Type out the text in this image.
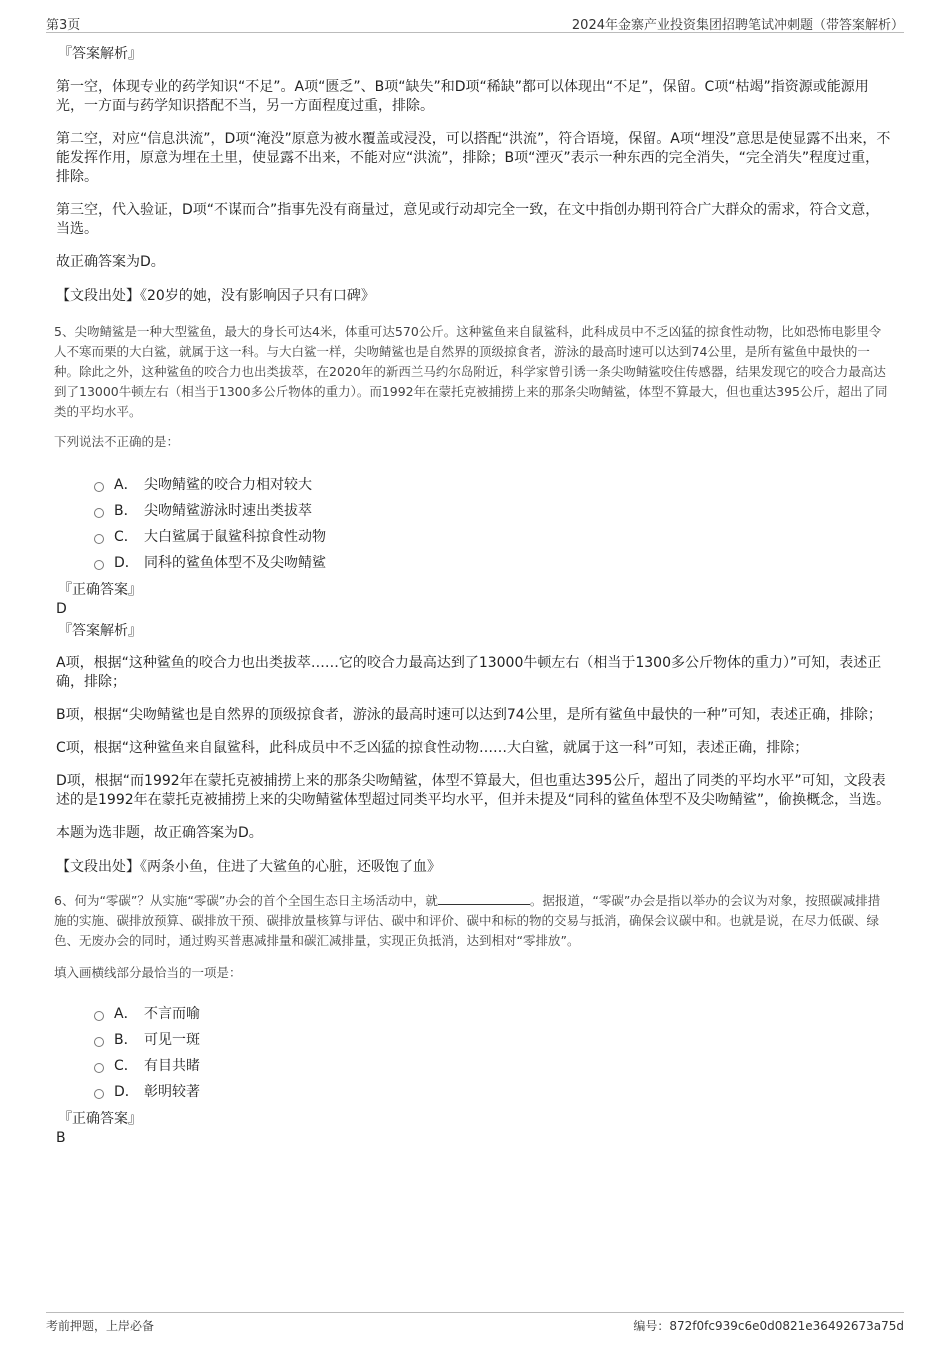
第3页	2024年金寨产业投资集团招聘笔试冲刺题（带答案解析）

『答案解析』

第一空，体现专业的药学知识“不足”。A项“匮乏”、B项“缺失”和D项“稀缺”都可以体现出“不足”，保留。C项“枯竭”指资源或能源用光，一方面与药学知识搭配不当，另一方面程度过重，排除。

第二空，对应“信息洪流”，D项“淹没”原意为被水覆盖或浸没，可以搭配“洪流”，符合语境，保留。A项“埋没”意思是使显露不出来，不能发挥作用，原意为埋在土里，使显露不出来，不能对应“洪流”，排除；B项“湮灭”表示一种东西的完全消失，“完全消失”程度过重，排除。

第三空，代入验证，D项“不谋而合”指事先没有商量过，意见或行动却完全一致，在文中指创办期刊符合广大群众的需求，符合文意，当选。

故正确答案为D。

【文段出处】《20岁的她，没有影响因子只有口碑》

5、尖吻鲭鲨是一种大型鲨鱼，最大的身长可达4米，体重可达570公斤。这种鲨鱼来自鼠鲨科，此科成员中不乏凶猛的掠食性动物，比如恐怖电影里令人不寒而栗的大白鲨，就属于这一科。与大白鲨一样，尖吻鲭鲨也是自然界的顶级掠食者，游泳的最高时速可以达到74公里，是所有鲨鱼中最快的一种。除此之外，这种鲨鱼的咬合力也出类拔萃，在2020年的新西兰马约尔岛附近，科学家曾引诱一条尖吻鲭鲨咬住传感器，结果发现它的咬合力最高达到了13000牛顿左右（相当于1300多公斤物体的重力）。而1992年在蒙托克被捕捞上来的那条尖吻鲭鲨，体型不算最大，但也重达395公斤，超出了同类的平均水平。

下列说法不正确的是：

A． 尖吻鲭鲨的咬合力相对较大
B． 尖吻鲭鲨游泳时速出类拔萃
C． 大白鲨属于鼠鲨科掠食性动物
D． 同科的鲨鱼体型不及尖吻鲭鲨

『正确答案』

D

『答案解析』

A项，根据“这种鲨鱼的咬合力也出类拔萃……它的咬合力最高达到了13000牛顿左右（相当于1300多公斤物体的重力）”可知，表述正确，排除；

B项，根据“尖吻鲭鲨也是自然界的顶级掠食者，游泳的最高时速可以达到74公里，是所有鲨鱼中最快的一种”可知，表述正确，排除；

C项，根据“这种鲨鱼来自鼠鲨科，此科成员中不乏凶猛的掠食性动物……大白鲨，就属于这一科”可知，表述正确，排除；

D项，根据“而1992年在蒙托克被捕捞上来的那条尖吻鲭鲨，体型不算最大，但也重达395公斤，超出了同类的平均水平”可知，文段表述的是1992年在蒙托克被捕捞上来的尖吻鲭鲨体型超过同类平均水平，但并未提及“同科的鲨鱼体型不及尖吻鲭鲨”，偷换概念，当选。

本题为选非题，故正确答案为D。

【文段出处】《两条小鱼，住进了大鲨鱼的心脏，还吸饱了血》

6、何为“零碳”？从实施“零碳”办会的首个全国生态日主场活动中，就	。据报道，“零碳”办会是指以举办的会议为对象，按照碳减排措施的实施、碳排放预算、碳排放干预、碳排放量核算与评估、碳中和评价、碳中和标的物的交易与抵消，确保会议碳中和。也就是说，在尽力低碳、绿色、无废办会的同时，通过购买普惠减排量和碳汇减排量，实现正负抵消，达到相对“零排放”。

填入画横线部分最恰当的一项是：

A． 不言而喻
B． 可见一斑
C． 有目共睹
D． 彰明较著

『正确答案』

B

考前押题，上岸必备	编号：872f0fc939c6e0d0821e36492673a75d
